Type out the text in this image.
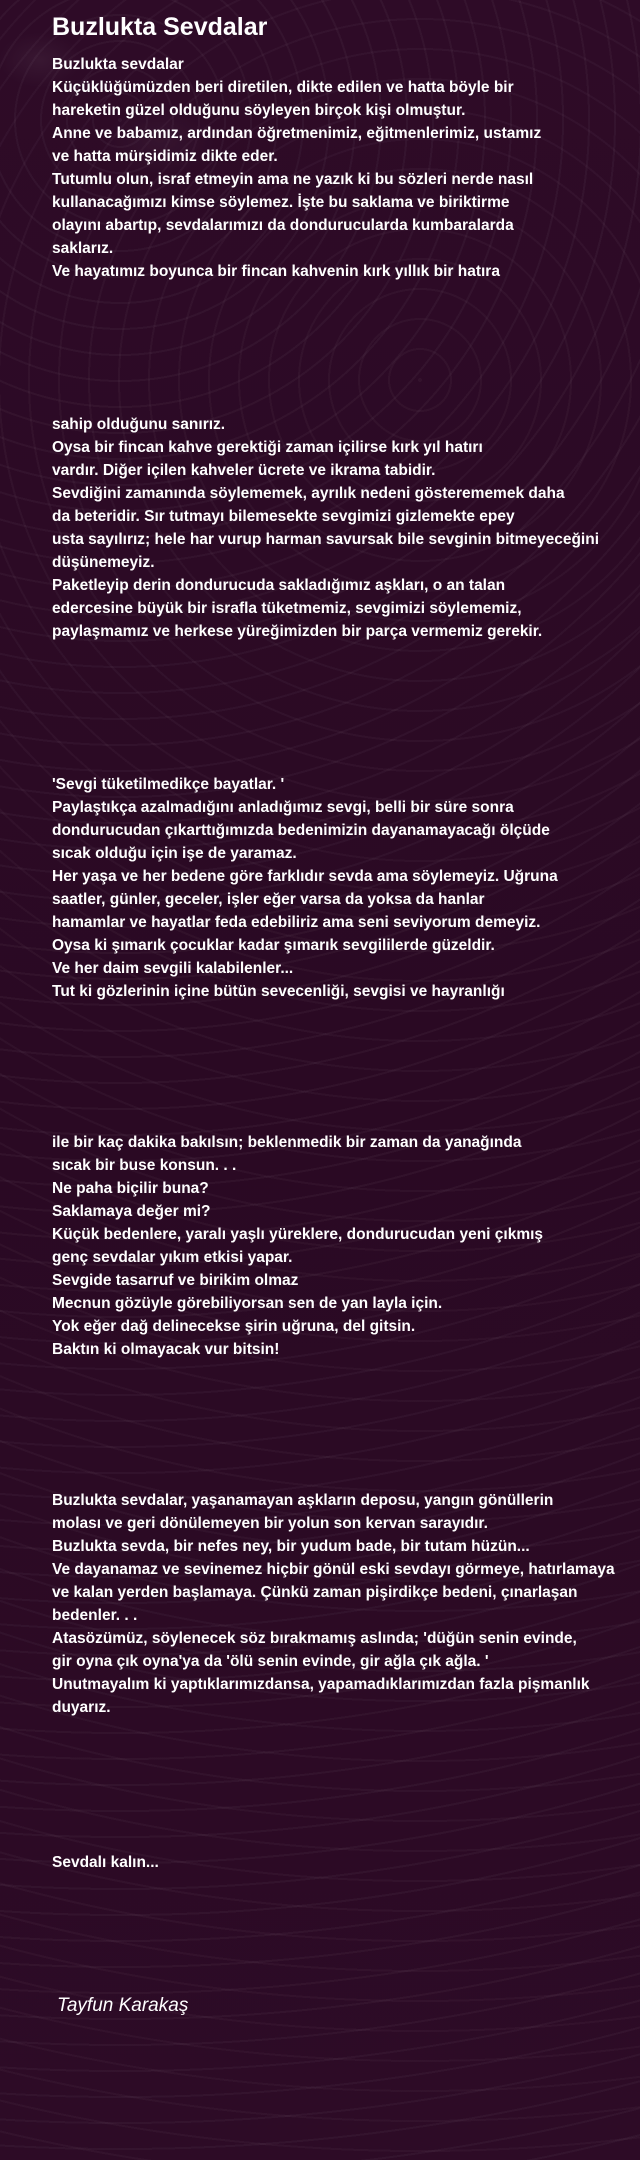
Buzlukta Sevdalar
Buzlukta sevdalar
Küçüklüğümüzden beri diretilen, dikte edilen ve hatta böyle bir
hareketin güzel olduğunu söyleyen birçok kişi olmuştur.
Anne ve babamız, ardından öğretmenimiz, eğitmenlerimiz, ustamız
ve hatta mürşidimiz dikte eder.
Tutumlu olun, israf etmeyin ama ne yazık ki bu sözleri nerde nasıl
kullanacağımızı kimse söylemez. İşte bu saklama ve biriktirme
olayını abartıp, sevdalarımızı da dondurucularda kumbaralarda
saklarız.
Ve hayatımız boyunca bir fincan kahvenin kırk yıllık bir hatıra
sahip olduğunu sanırız.
Oysa bir fincan kahve gerektiği zaman içilirse kırk yıl hatırı
vardır. Diğer içilen kahveler ücrete ve ikrama tabidir.
Sevdiğini zamanında söylememek, ayrılık nedeni gösterememek daha
da beteridir. Sır tutmayı bilemesekte sevgimizi gizlemekte epey
usta sayılırız; hele har vurup harman savursak bile sevginin bitmeyeceğini
düşünemeyiz.
Paketleyip derin dondurucuda sakladığımız aşkları, o an talan
edercesine büyük bir israfla tüketmemiz, sevgimizi söylememiz,
paylaşmamız ve herkese yüreğimizden bir parça vermemiz gerekir.
'Sevgi tüketilmedikçe bayatlar. '
Paylaştıkça azalmadığını anladığımız sevgi, belli bir süre sonra
dondurucudan çıkarttığımızda bedenimizin dayanamayacağı ölçüde
sıcak olduğu için işe de yaramaz.
Her yaşa ve her bedene göre farklıdır sevda ama söylemeyiz. Uğruna
saatler, günler, geceler, işler eğer varsa da yoksa da hanlar
hamamlar ve hayatlar feda edebiliriz ama seni seviyorum demeyiz.
Oysa ki şımarık çocuklar kadar şımarık sevgililerde güzeldir.
Ve her daim sevgili kalabilenler...
Tut ki gözlerinin içine bütün sevecenliği, sevgisi ve hayranlığı
ile bir kaç dakika bakılsın; beklenmedik bir zaman da yanağında
sıcak bir buse konsun. . .
Ne paha biçilir buna?
Saklamaya değer mi?
Küçük bedenlere, yaralı yaşlı yüreklere, dondurucudan yeni çıkmış
genç sevdalar yıkım etkisi yapar.
Sevgide tasarruf ve birikim olmaz
Mecnun gözüyle görebiliyorsan sen de yan layla için.
Yok eğer dağ delinecekse şirin uğruna, del gitsin.
Baktın ki olmayacak vur bitsin!
Buzlukta sevdalar, yaşanamayan aşkların deposu, yangın gönüllerin
molası ve geri dönülemeyen bir yolun son kervan sarayıdır.
Buzlukta sevda, bir nefes ney, bir yudum bade, bir tutam hüzün...
Ve dayanamaz ve sevinemez hiçbir gönül eski sevdayı görmeye, hatırlamaya
ve kalan yerden başlamaya. Çünkü zaman pişirdikçe bedeni, çınarlaşan
bedenler. . .
Atasözümüz, söylenecek söz bırakmamış aslında; 'düğün senin evinde,
gir oyna çık oyna'ya da 'ölü senin evinde, gir ağla çık ağla. '
Unutmayalım ki yaptıklarımızdansa, yapamadıklarımızdan fazla pişmanlık
duyarız.
Sevdalı kalın...
Tayfun Karakaş
